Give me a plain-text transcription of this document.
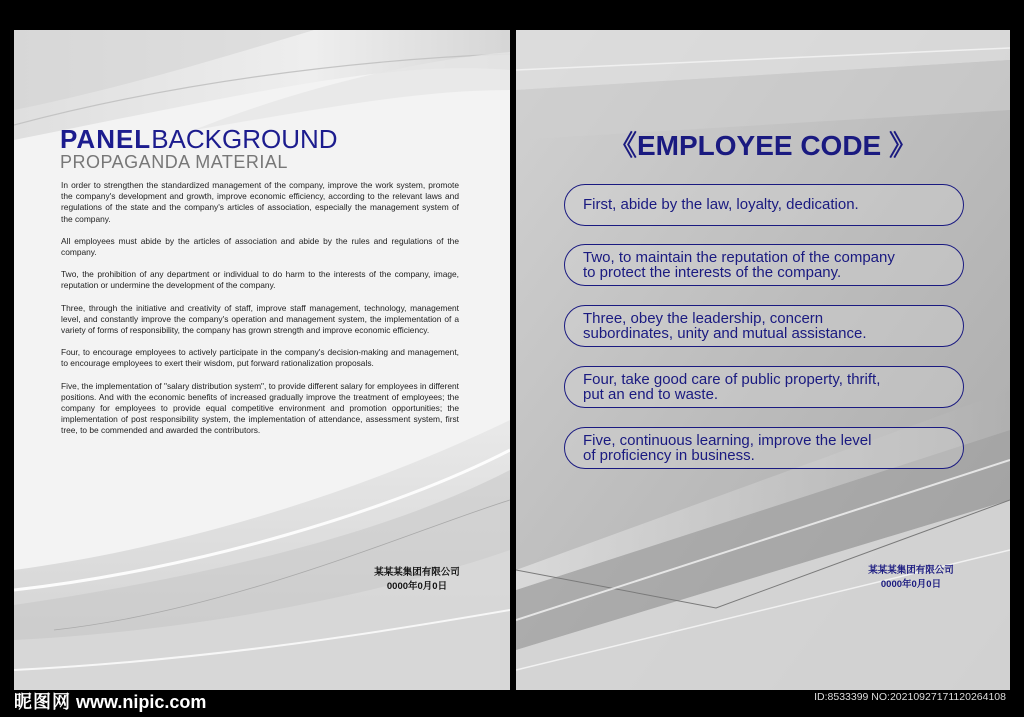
PANELBACKGROUND
PROPAGANDA MATERIAL

In order to strengthen the standardized management of the company, improve the work system, promote the company's development and growth, improve economic efficiency, according to the relevant laws and regulations of the state and the company's articles of association, especially the management system of the company.

All employees must abide by the articles of association and abide by the rules and regulations of the company.

Two, the prohibition of any department or individual to do harm to the interests of the company, image, reputation or undermine the development of the company.

Three, through the initiative and creativity of staff, improve staff management, technology, management level, and constantly improve the company's operation and management system, the implementation of a variety of forms of responsibility, the company has grown strength and improve economic efficiency.

Four, to encourage employees to actively participate in the company's decision-making and management, to encourage employees to exert their wisdom, put forward rationalization proposals.

Five, the implementation of "salary distribution system", to provide different salary for employees in different positions. And with the economic benefits of increased gradually improve the treatment of employees; the company for employees to provide equal competitive environment and promotion opportunities; the implementation of post responsibility system, the implementation of attendance, assessment system, first tree, to be commended and awarded the contributors.

某某某集团有限公司
0000年0月0日
《EMPLOYEE CODE 》
First, abide by the law, loyalty, dedication.
Two, to maintain the reputation of the company
to protect the interests of the company.
Three, obey the leadership, concern
subordinates, unity and mutual assistance.
Four, take good care of public property, thrift,
put an end to waste.
Five, continuous learning, improve the level
of proficiency in business.
某某某集团有限公司
0000年0月0日
昵图网 www.nipic.com	ID:8533399 NO:20210927171120264108
